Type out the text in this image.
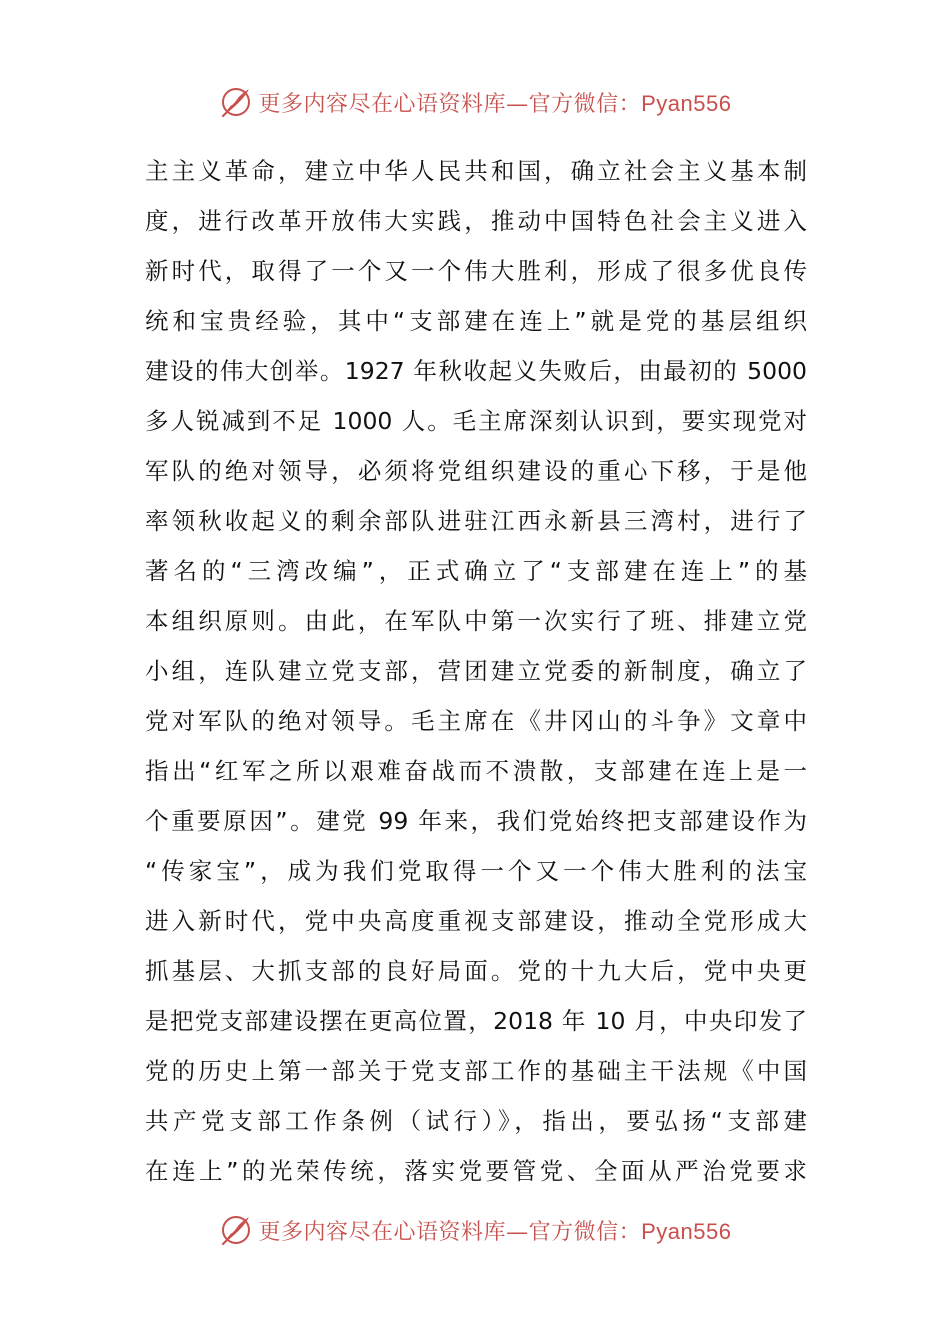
更多内容尽在心语资料库—官方微信：Pyan556
主主义革命，建立中华人民共和国，确立社会主义基本制
度，进行改革开放伟大实践，推动中国特色社会主义进入
新时代，取得了一个又一个伟大胜利，形成了很多优良传
统和宝贵经验，其中“支部建在连上”就是党的基层组织
建设的伟大创举。1927 年秋收起义失败后，由最初的 5000
多人锐减到不足 1000 人。毛主席深刻认识到，要实现党对
军队的绝对领导，必须将党组织建设的重心下移，于是他
率领秋收起义的剩余部队进驻江西永新县三湾村，进行了
著名的“三湾改编”，正式确立了“支部建在连上”的基
本组织原则。由此，在军队中第一次实行了班、排建立党
小组，连队建立党支部，营团建立党委的新制度，确立了
党对军队的绝对领导。毛主席在《井冈山的斗争》文章中
指出“红军之所以艰难奋战而不溃散，支部建在连上是一
个重要原因”。建党 99 年来，我们党始终把支部建设作为
“传家宝”，成为我们党取得一个又一个伟大胜利的法宝
进入新时代，党中央高度重视支部建设，推动全党形成大
抓基层、大抓支部的良好局面。党的十九大后，党中央更
是把党支部建设摆在更高位置，2018 年 10 月，中央印发了
党的历史上第一部关于党支部工作的基础主干法规《中国
共产党支部工作条例（试行）》，指出，要弘扬“支部建
在连上”的光荣传统，落实党要管党、全面从严治党要求
更多内容尽在心语资料库—官方微信：Pyan556
